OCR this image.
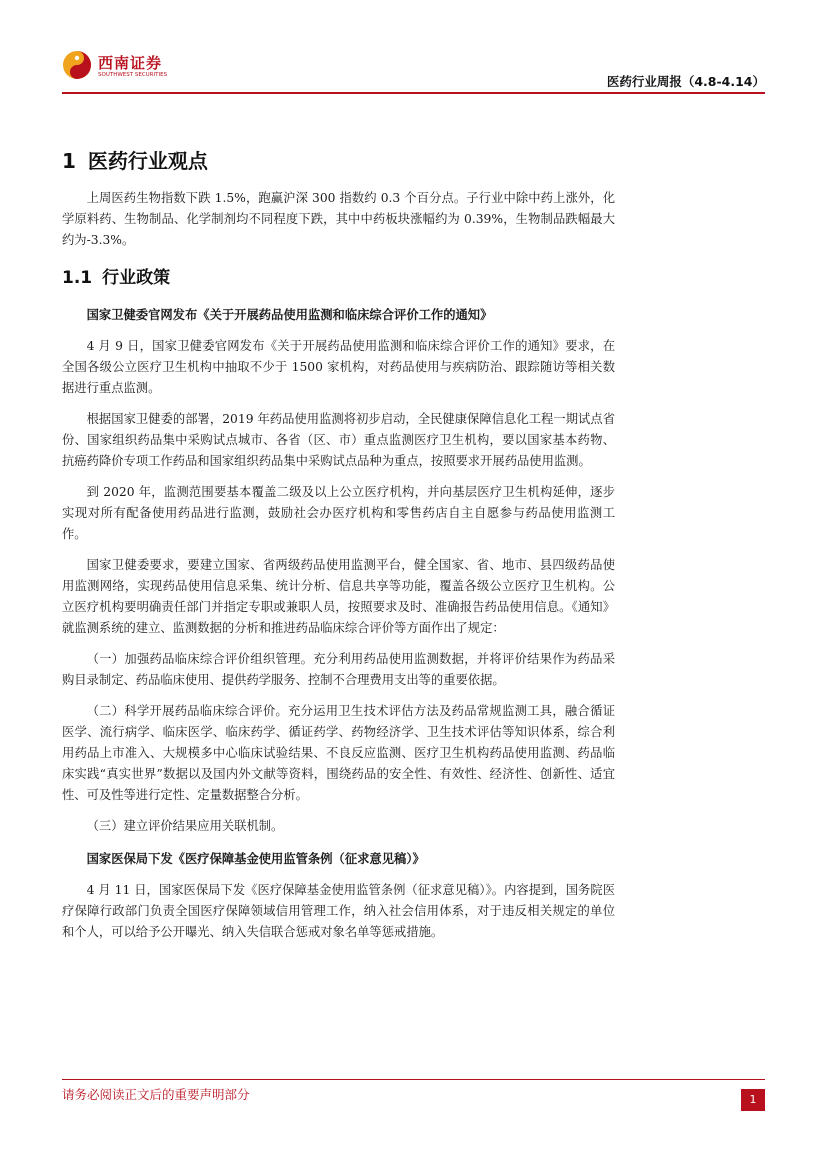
西南证券
SOUTHWEST SECURITIES	医药行业周报（4.8-4.14）
1 医药行业观点

上周医药生物指数下跌 1.5%，跑赢沪深 300 指数约 0.3 个百分点。子行业中除中药上涨外，化学原料药、生物制品、化学制剂均不同程度下跌，其中中药板块涨幅约为 0.39%，生物制品跌幅最大约为-3.3%。

1.1 行业政策
国家卫健委官网发布《关于开展药品使用监测和临床综合评价工作的通知》

4 月 9 日，国家卫健委官网发布《关于开展药品使用监测和临床综合评价工作的通知》要求，在全国各级公立医疗卫生机构中抽取不少于 1500 家机构，对药品使用与疾病防治、跟踪随访等相关数据进行重点监测。

根据国家卫健委的部署，2019 年药品使用监测将初步启动，全民健康保障信息化工程一期试点省份、国家组织药品集中采购试点城市、各省（区、市）重点监测医疗卫生机构，要以国家基本药物、抗癌药降价专项工作药品和国家组织药品集中采购试点品种为重点，按照要求开展药品使用监测。

到 2020 年，监测范围要基本覆盖二级及以上公立医疗机构，并向基层医疗卫生机构延伸，逐步实现对所有配备使用药品进行监测，鼓励社会办医疗机构和零售药店自主自愿参与药品使用监测工作。

国家卫健委要求，要建立国家、省两级药品使用监测平台，健全国家、省、地市、县四级药品使用监测网络，实现药品使用信息采集、统计分析、信息共享等功能，覆盖各级公立医疗卫生机构。公立医疗机构要明确责任部门并指定专职或兼职人员，按照要求及时、准确报告药品使用信息。《通知》就监测系统的建立、监测数据的分析和推进药品临床综合评价等方面作出了规定：

（一）加强药品临床综合评价组织管理。充分利用药品使用监测数据，并将评价结果作为药品采购目录制定、药品临床使用、提供药学服务、控制不合理费用支出等的重要依据。

（二）科学开展药品临床综合评价。充分运用卫生技术评估方法及药品常规监测工具，融合循证医学、流行病学、临床医学、临床药学、循证药学、药物经济学、卫生技术评估等知识体系，综合利用药品上市准入、大规模多中心临床试验结果、不良反应监测、医疗卫生机构药品使用监测、药品临床实践“真实世界”数据以及国内外文献等资料，围绕药品的安全性、有效性、经济性、创新性、适宜性、可及性等进行定性、定量数据整合分析。

（三）建立评价结果应用关联机制。

国家医保局下发《医疗保障基金使用监管条例（征求意见稿）》

4 月 11 日，国家医保局下发《医疗保障基金使用监管条例（征求意见稿）》。内容提到，国务院医疗保障行政部门负责全国医疗保障领域信用管理工作，纳入社会信用体系，对于违反相关规定的单位和个人，可以给予公开曝光、纳入失信联合惩戒对象名单等惩戒措施。

请务必阅读正文后的重要声明部分	1
